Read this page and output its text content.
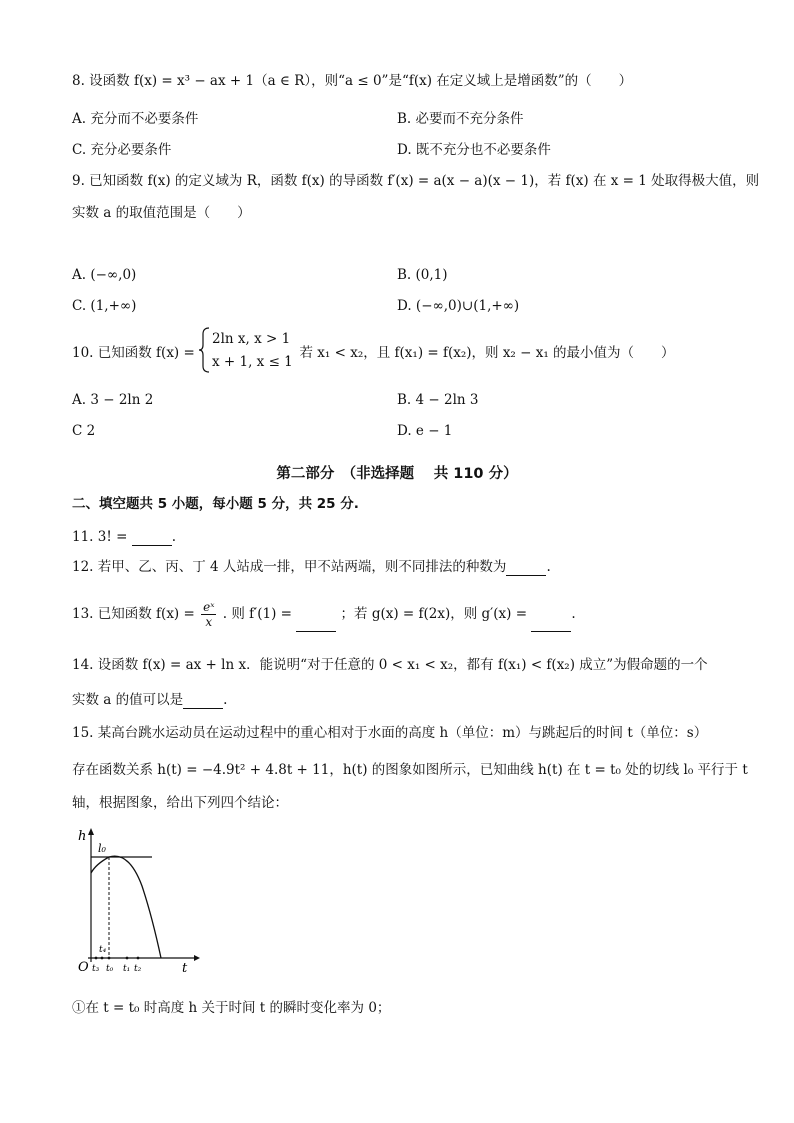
8. 设函数 f(x) = x³ − ax + 1（a ∈ R），则“a ≤ 0”是“f(x) 在定义域上是增函数”的（　　）
A. 充分而不必要条件	B. 必要而不充分条件
C. 充分必要条件	D. 既不充分也不必要条件
9. 已知函数 f(x) 的定义域为 R，函数 f(x) 的导函数 f′(x) = a(x − a)(x − 1)，若 f(x) 在 x = 1 处取得极大值，则
实数 a 的取值范围是（　　）
A. (−∞,0)	B. (0,1)
C. (1,+∞)	D. (−∞,0)∪(1,+∞)
10. 已知函数 f(x) =
2ln x, x > 1
x + 1, x ≤ 1
，若 x₁ < x₂，且 f(x₁) = f(x₂)，则 x₂ − x₁ 的最小值为（　　）
A. 3 − 2ln 2	B. 4 − 2ln 3
C 2	D. e − 1
第二部分　（非选择题　 共 110 分）
二、填空题共 5 小题，每小题 5 分，共 25 分.
11. 3! =	.
12. 若甲、乙、丙、丁 4 人站成一排，甲不站两端，则不同排法的种数为	.
13. 已知函数 $f(x) = \frac{\text{eˣ}}{x}$ . 则 f′(1) =	；若 g(x) = f(2x)，则 g′(x) =	.
14. 设函数 f(x) = ax + ln x．能说明“对于任意的 0 < x₁ < x₂，都有 f(x₁) < f(x₂) 成立”为假命题的一个
实数 a 的值可以是	.
15. 某高台跳水运动员在运动过程中的重心相对于水面的高度 h（单位：m）与跳起后的时间 t（单位：s）
存在函数关系 h(t) = −4.9t² + 4.8t + 11，h(t) 的图象如图所示，已知曲线 h(t) 在 t = t₀ 处的切线 l₀ 平行于 t
轴，根据图象，给出下列四个结论：
h
t
O
l₀
t₄
t₃ t₀ t₁ t₂
①在 t = t₀ 时高度 h 关于时间 t 的瞬时变化率为 0；
